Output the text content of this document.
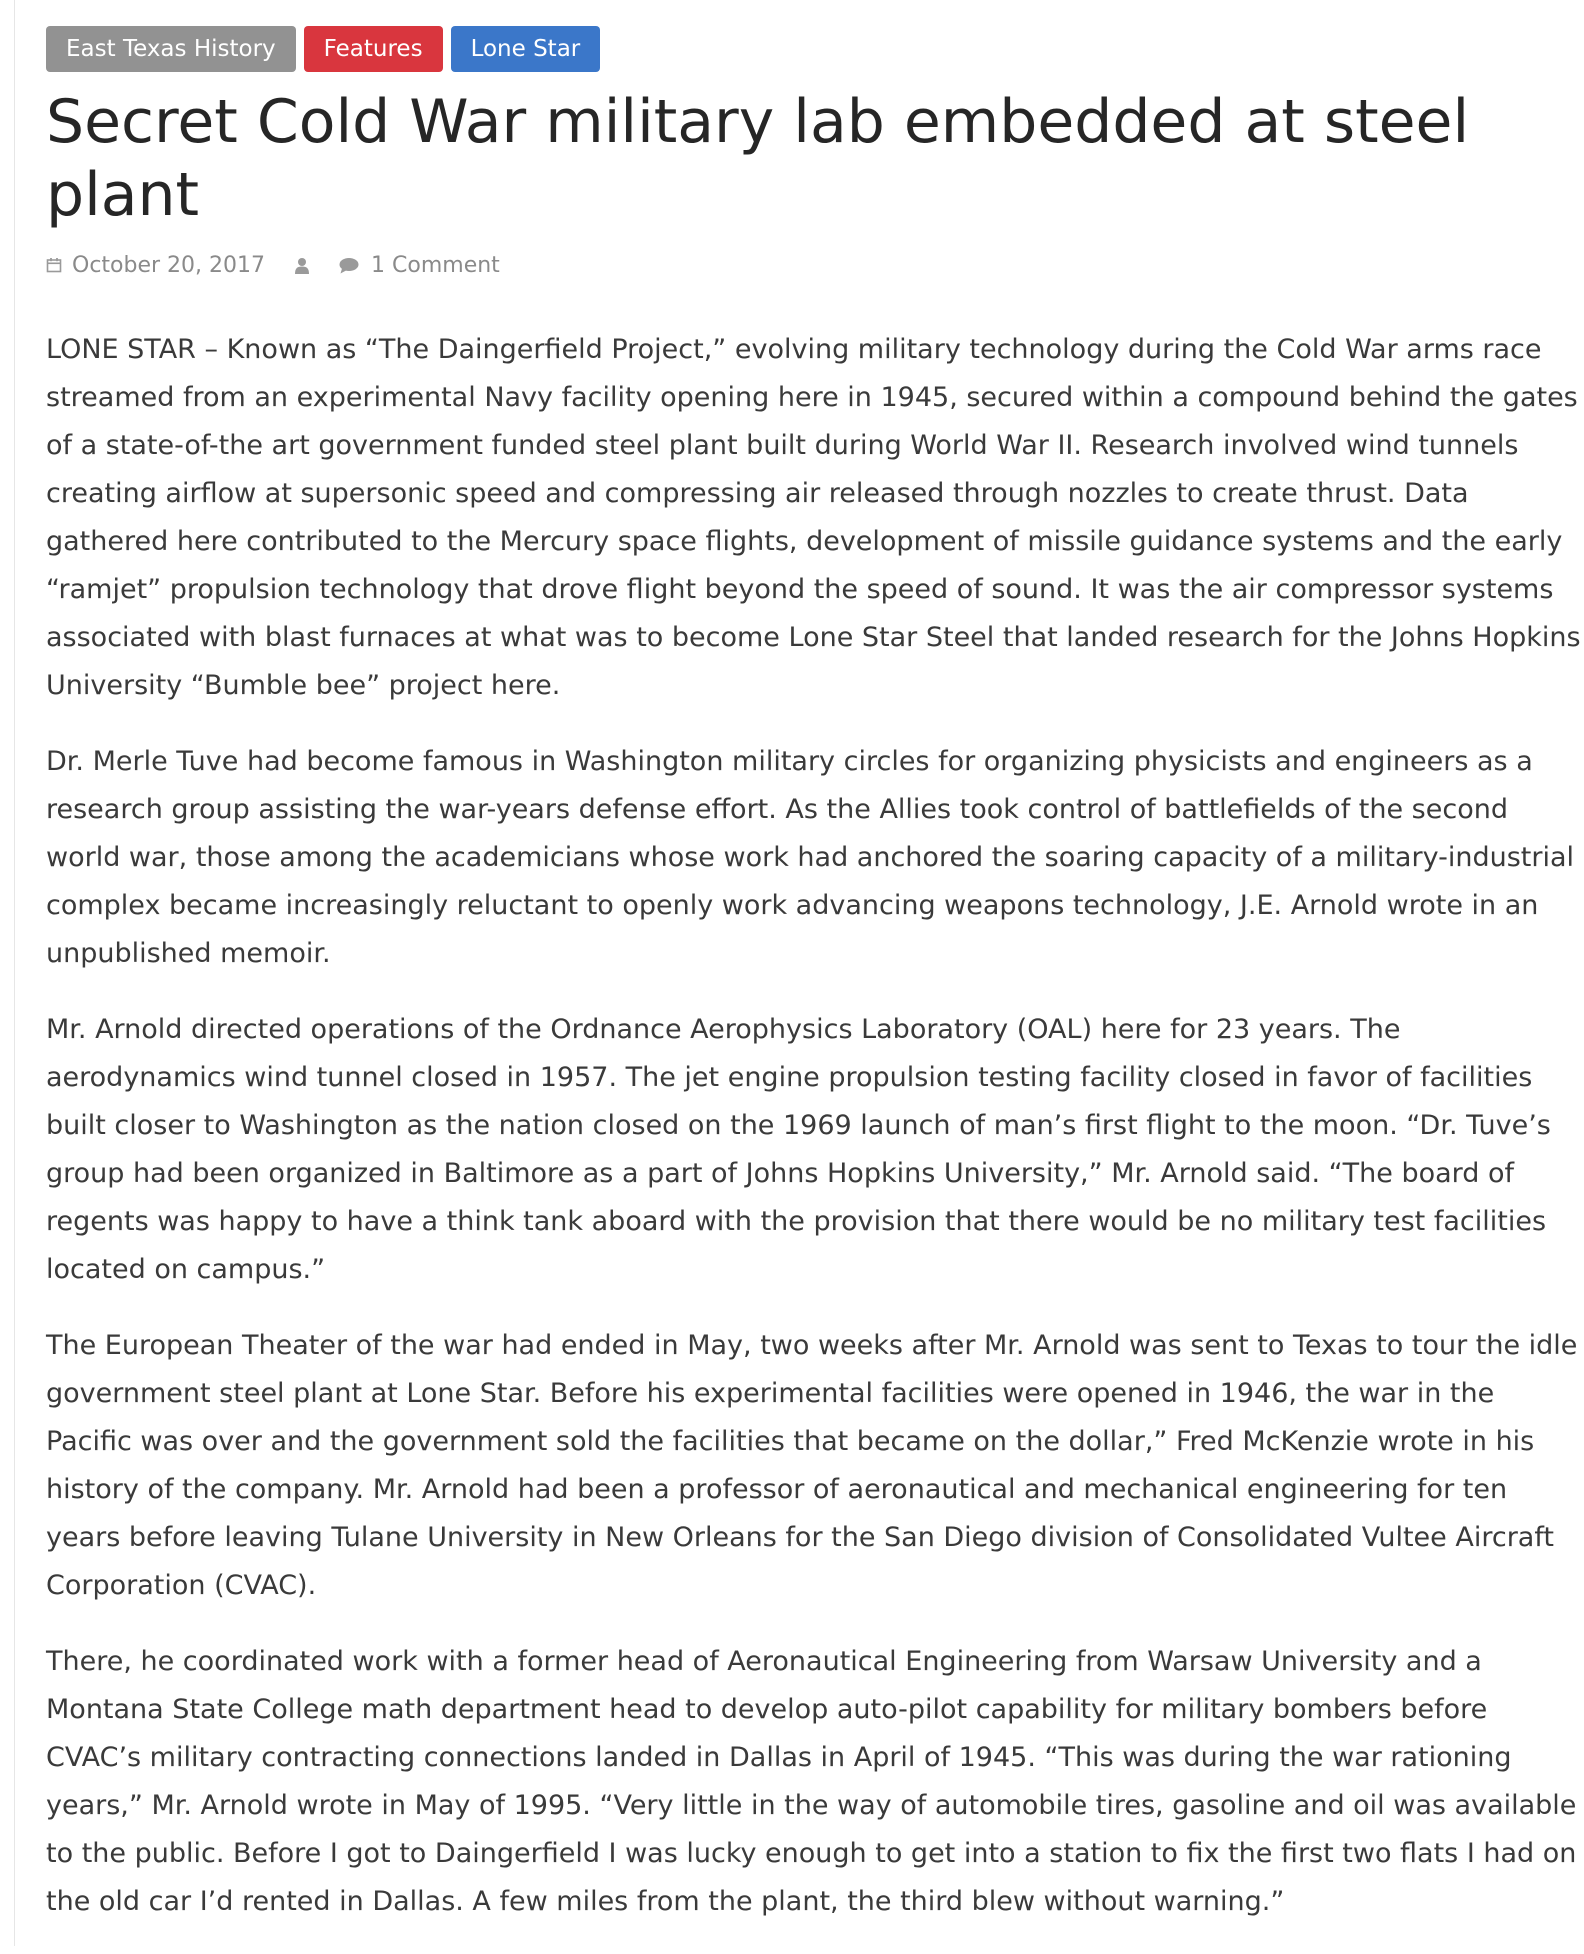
East Texas History	Features	Lone Star
Secret Cold War military lab embedded at steel plant
October 20, 2017	1 Comment

LONE STAR – Known as “The Daingerfield Project,” evolving military technology during the Cold War arms race streamed from an experimental Navy facility opening here in 1945, secured within a compound behind the gates of a state-of-the art government funded steel plant built during World War II. Research involved wind tunnels creating airflow at supersonic speed and compressing air released through nozzles to create thrust. Data gathered here contributed to the Mercury space flights, development of missile guidance systems and the early “ramjet” propulsion technology that drove flight beyond the speed of sound. It was the air compressor systems associated with blast furnaces at what was to become Lone Star Steel that landed research for the Johns Hopkins University “Bumble bee” project here.

Dr. Merle Tuve had become famous in Washington military circles for organizing physicists and engineers as a research group assisting the war-years defense effort. As the Allies took control of battlefields of the second world war, those among the academicians whose work had anchored the soaring capacity of a military-industrial complex became increasingly reluctant to openly work advancing weapons technology, J.E. Arnold wrote in an unpublished memoir.

Mr. Arnold directed operations of the Ordnance Aerophysics Laboratory (OAL) here for 23 years. The aerodynamics wind tunnel closed in 1957. The jet engine propulsion testing facility closed in favor of facilities built closer to Washington as the nation closed on the 1969 launch of man’s first flight to the moon. “Dr. Tuve’s group had been organized in Baltimore as a part of Johns Hopkins University,” Mr. Arnold said. “The board of regents was happy to have a think tank aboard with the provision that there would be no military test facilities located on campus.”

The European Theater of the war had ended in May, two weeks after Mr. Arnold was sent to Texas to tour the idle government steel plant at Lone Star. Before his experimental facilities were opened in 1946, the war in the Pacific was over and the government sold the facilities that became on the dollar,” Fred McKenzie wrote in his history of the company. Mr. Arnold had been a professor of aeronautical and mechanical engineering for ten years before leaving Tulane University in New Orleans for the San Diego division of Consolidated Vultee Aircraft Corporation (CVAC).

There, he coordinated work with a former head of Aeronautical Engineering from Warsaw University and a Montana State College math department head to develop auto-pilot capability for military bombers before CVAC’s military contracting connections landed in Dallas in April of 1945. “This was during the war rationing years,” Mr. Arnold wrote in May of 1995. “Very little in the way of automobile tires, gasoline and oil was available to the public. Before I got to Daingerfield I was lucky enough to get into a station to fix the first two flats I had on the old car I’d rented in Dallas. A few miles from the plant, the third blew without warning.”
